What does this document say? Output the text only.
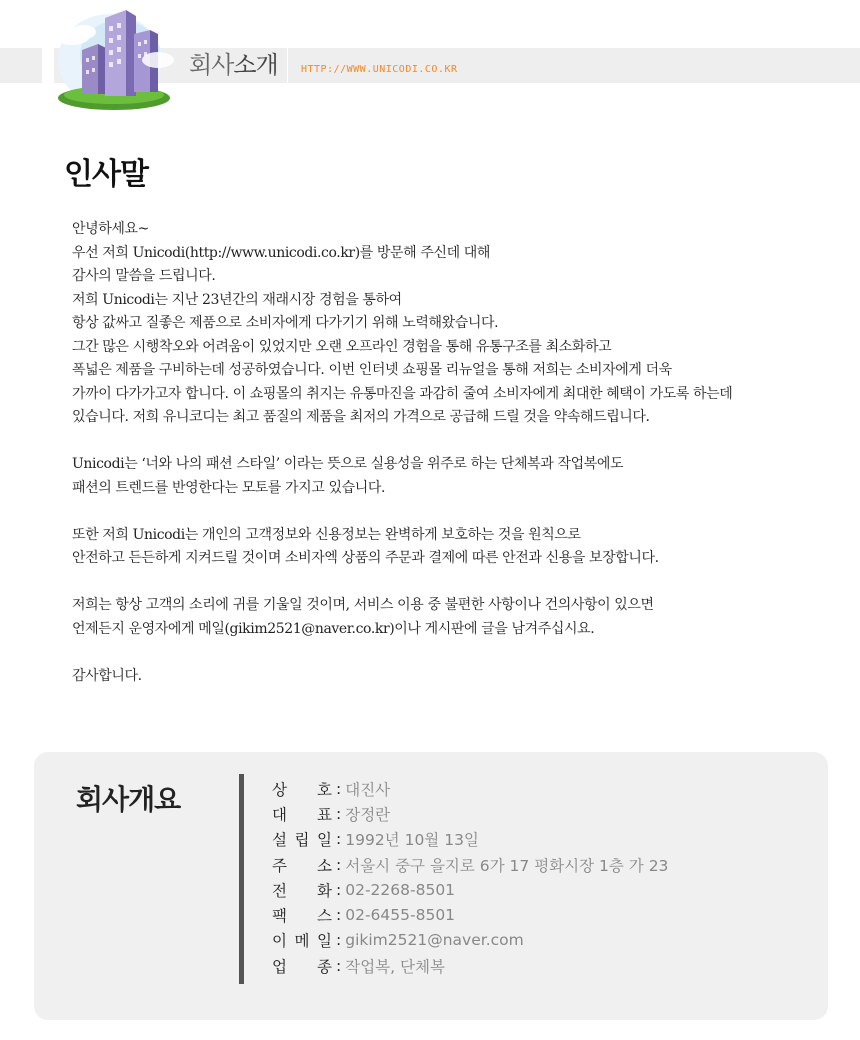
회사소개 HTTP://WWW.UNICODI.CO.KR
인사말
안녕하세요~
우선 저희 Unicodi(http://www.unicodi.co.kr)를 방문해 주신데 대해
감사의 말씀을 드립니다.
저희 Unicodi는 지난 23년간의 재래시장 경험을 통하여
항상 값싸고 질좋은 제품으로 소비자에게 다가기기 위해 노력해왔습니다.
그간 많은 시행착오와 어려움이 있었지만 오랜 오프라인 경험을 통해 유통구조를 최소화하고
폭넓은 제품을 구비하는데 성공하였습니다. 이번 인터넷 쇼핑몰 리뉴얼을 통해 저희는 소비자에게 더욱
가까이 다가가고자 합니다. 이 쇼핑몰의 취지는 유통마진을 과감히 줄여 소비자에게 최대한 혜택이 가도록 하는데
있습니다. 저희 유니코디는 최고 품질의 제품을 최저의 가격으로 공급해 드릴 것을 약속해드립니다.
Unicodi는 ‘너와 나의 패션 스타일’ 이라는 뜻으로 실용성을 위주로 하는 단체복과 작업복에도
패션의 트렌드를 반영한다는 모토를 가지고 있습니다.
또한 저희 Unicodi는 개인의 고객정보와 신용정보는 완벽하게 보호하는 것을 원칙으로
안전하고 든든하게 지켜드릴 것이며 소비자엑 상품의 주문과 결제에 따른 안전과 신용을 보장합니다.
저희는 항상 고객의 소리에 귀를 기울일 것이며, 서비스 이용 중 불편한 사항이나 건의사항이 있으면
언제든지 운영자에게 메일(gikim2521@naver.co.kr)이나 게시판에 글을 남겨주십시요.
감사합니다.
회사개요	상 호 : 대진사
대 표 : 장정란
설 립 일 : 1992년 10월 13일
주 소 : 서울시 중구 을지로 6가 17 평화시장 1층 가 23
전 화 : 02-2268-8501
팩 스 : 02-6455-8501
이 메 일 : gikim2521@naver.com
업 종 : 작업복, 단체복
